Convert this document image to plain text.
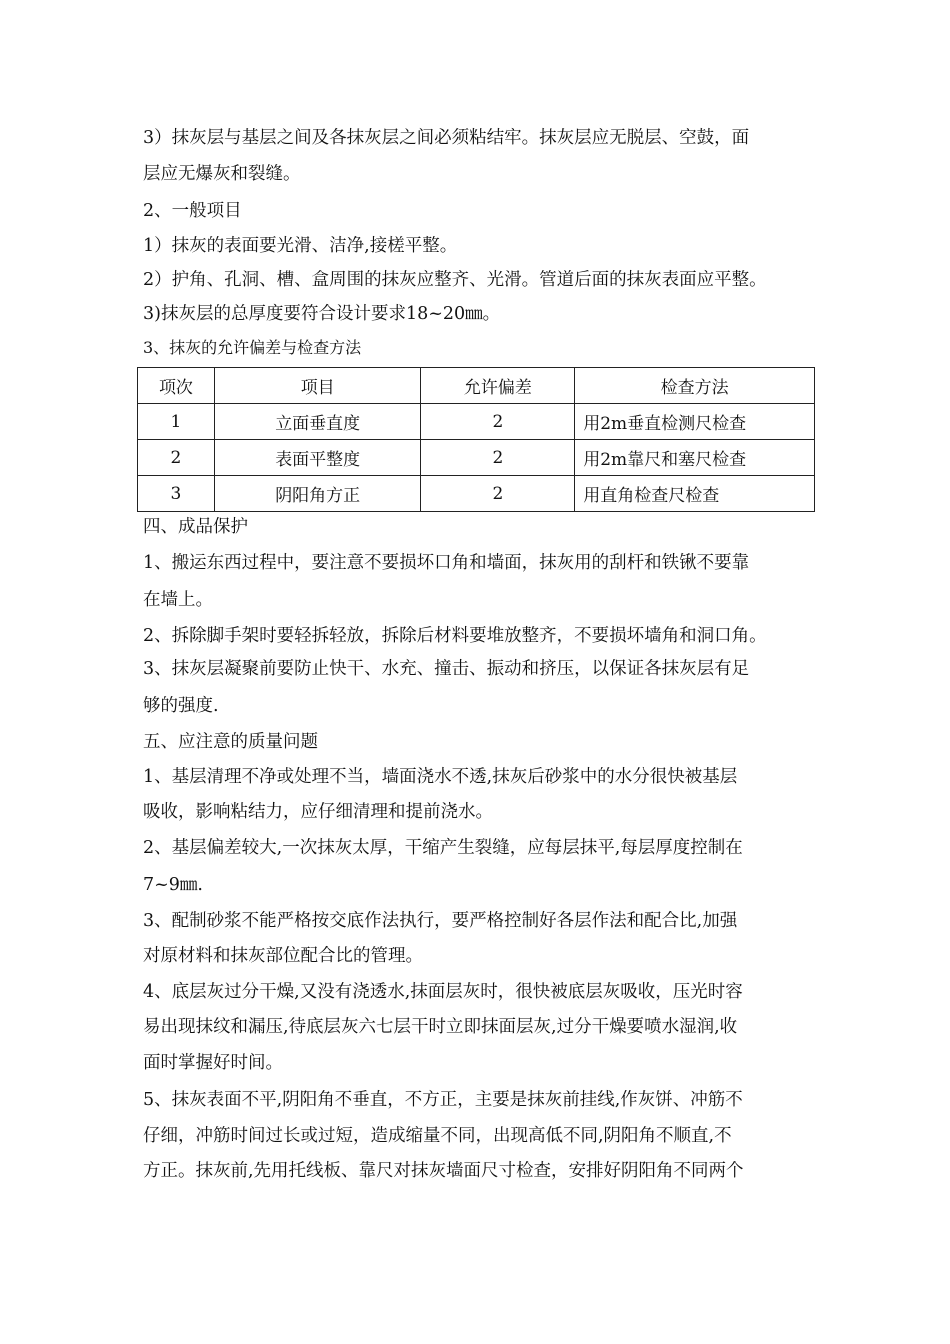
3）抹灰层与基层之间及各抹灰层之间必须粘结牢。抹灰层应无脱层、空鼓，面
层应无爆灰和裂缝。
2、一般项目
1）抹灰的表面要光滑、洁净,接槎平整。
2）护角、孔洞、槽、盒周围的抹灰应整齐、光滑。管道后面的抹灰表面应平整。
3)抹灰层的总厚度要符合设计要求18~20㎜。
3、抹灰的允许偏差与检查方法
项次	项目	允许偏差	检查方法
1	立面垂直度	2	用2m垂直检测尺检查
2	表面平整度	2	用2m靠尺和塞尺检查
3	阴阳角方正	2	用直角检查尺检查
四、成品保护
1、搬运东西过程中，要注意不要损坏口角和墙面，抹灰用的刮杆和铁锹不要靠
在墙上。
2、拆除脚手架时要轻拆轻放，拆除后材料要堆放整齐，不要损坏墙角和洞口角。
3、抹灰层凝聚前要防止快干、水充、撞击、振动和挤压，以保证各抹灰层有足
够的强度.
五、应注意的质量问题
1、基层清理不净或处理不当，墙面浇水不透,抹灰后砂浆中的水分很快被基层
吸收，影响粘结力，应仔细清理和提前浇水。
2、基层偏差较大,一次抹灰太厚，干缩产生裂缝，应每层抹平,每层厚度控制在
7~9㎜.
3、配制砂浆不能严格按交底作法执行，要严格控制好各层作法和配合比,加强
对原材料和抹灰部位配合比的管理。
4、底层灰过分干燥,又没有浇透水,抹面层灰时，很快被底层灰吸收，压光时容
易出现抹纹和漏压,待底层灰六七层干时立即抹面层灰,过分干燥要喷水湿润,收
面时掌握好时间。
5、抹灰表面不平,阴阳角不垂直，不方正，主要是抹灰前挂线,作灰饼、冲筋不
仔细，冲筋时间过长或过短，造成缩量不同，出现高低不同,阴阳角不顺直,不
方正。抹灰前,先用托线板、靠尺对抹灰墙面尺寸检查，安排好阴阳角不同两个
